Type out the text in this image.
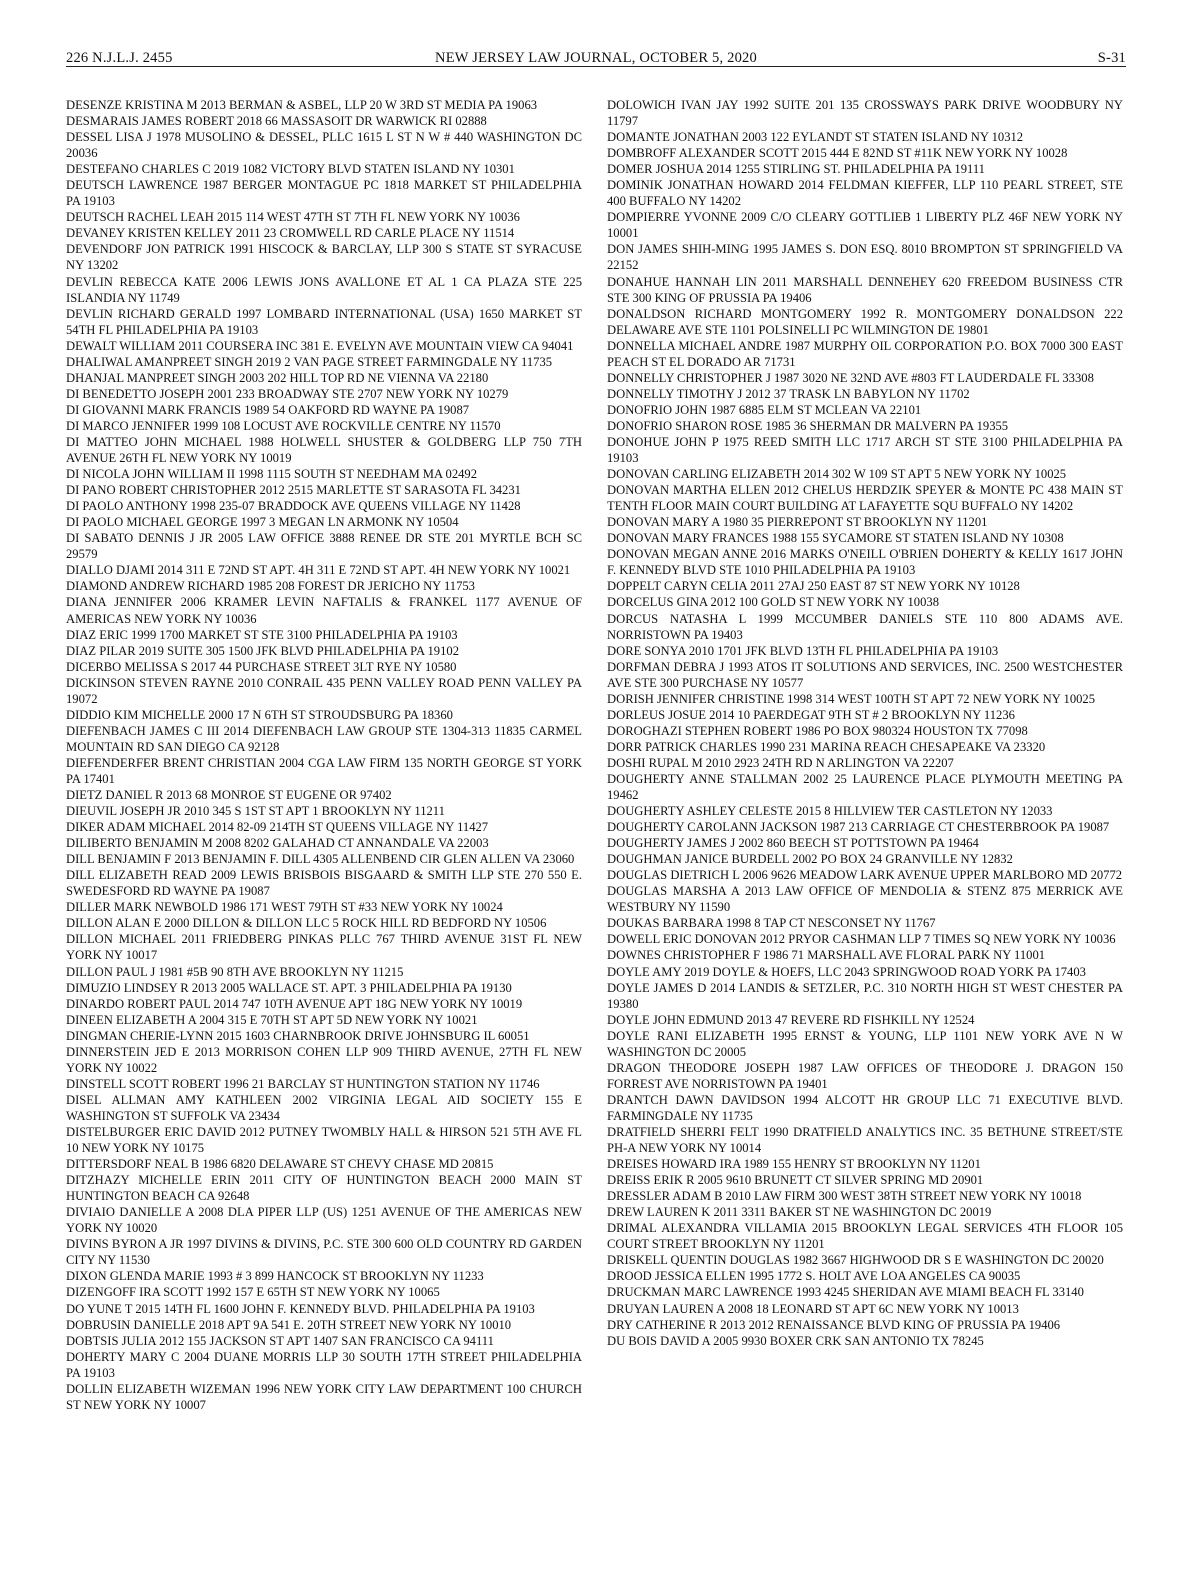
226 N.J.L.J. 2455	NEW JERSEY LAW JOURNAL, OCTOBER 5, 2020	S-31

DESENZE KRISTINA M 2013 BERMAN & ASBEL, LLP 20 W 3RD ST MEDIA PA 19063

DESMARAIS JAMES ROBERT 2018 66 MASSASOIT DR WARWICK RI 02888

DESSEL LISA J 1978 MUSOLINO & DESSEL, PLLC 1615 L ST N W # 440 WASHINGTON DC 20036

DESTEFANO CHARLES C 2019 1082 VICTORY BLVD STATEN ISLAND NY 10301

DEUTSCH LAWRENCE 1987 BERGER MONTAGUE PC 1818 MARKET ST PHILADELPHIA PA 19103

DEUTSCH RACHEL LEAH 2015 114 WEST 47TH ST 7TH FL NEW YORK NY 10036

DEVANEY KRISTEN KELLEY 2011 23 CROMWELL RD CARLE PLACE NY 11514

DEVENDORF JON PATRICK 1991 HISCOCK & BARCLAY, LLP 300 S STATE ST SYRACUSE NY 13202

DEVLIN REBECCA KATE 2006 LEWIS JONS AVALLONE ET AL 1 CA PLAZA STE 225 ISLANDIA NY 11749

DEVLIN RICHARD GERALD 1997 LOMBARD INTERNATIONAL (USA) 1650 MARKET ST 54TH FL PHILADELPHIA PA 19103

DEWALT WILLIAM 2011 COURSERA INC 381 E. EVELYN AVE MOUNTAIN VIEW CA 94041

DHALIWAL AMANPREET SINGH 2019 2 VAN PAGE STREET FARMINGDALE NY 11735

DHANJAL MANPREET SINGH 2003 202 HILL TOP RD NE VIENNA VA 22180

DI BENEDETTO JOSEPH 2001 233 BROADWAY STE 2707 NEW YORK NY 10279

DI GIOVANNI MARK FRANCIS 1989 54 OAKFORD RD WAYNE PA 19087

DI MARCO JENNIFER 1999 108 LOCUST AVE ROCKVILLE CENTRE NY 11570

DI MATTEO JOHN MICHAEL 1988 HOLWELL SHUSTER & GOLDBERG LLP 750 7TH AVENUE 26TH FL NEW YORK NY 10019

DI NICOLA JOHN WILLIAM II 1998 1115 SOUTH ST NEEDHAM MA 02492

DI PANO ROBERT CHRISTOPHER 2012 2515 MARLETTE ST SARASOTA FL 34231

DI PAOLO ANTHONY 1998 235-07 BRADDOCK AVE QUEENS VILLAGE NY 11428

DI PAOLO MICHAEL GEORGE 1997 3 MEGAN LN ARMONK NY 10504

DI SABATO DENNIS J JR 2005 LAW OFFICE 3888 RENEE DR STE 201 MYRTLE BCH SC 29579

DIALLO DJAMI 2014 311 E 72ND ST APT. 4H 311 E 72ND ST APT. 4H NEW YORK NY 10021

DIAMOND ANDREW RICHARD 1985 208 FOREST DR JERICHO NY 11753

DIANA JENNIFER 2006 KRAMER LEVIN NAFTALIS & FRANKEL 1177 AVENUE OF AMERICAS NEW YORK NY 10036

DIAZ ERIC 1999 1700 MARKET ST STE 3100 PHILADELPHIA PA 19103

DIAZ PILAR 2019 SUITE 305 1500 JFK BLVD PHILADELPHIA PA 19102

DICERBO MELISSA S 2017 44 PURCHASE STREET 3LT RYE NY 10580

DICKINSON STEVEN RAYNE 2010 CONRAIL 435 PENN VALLEY ROAD PENN VALLEY PA 19072

DIDDIO KIM MICHELLE 2000 17 N 6TH ST STROUDSBURG PA 18360

DIEFENBACH JAMES C III 2014 DIEFENBACH LAW GROUP STE 1304-313 11835 CARMEL MOUNTAIN RD SAN DIEGO CA 92128

DIEFENDERFER BRENT CHRISTIAN 2004 CGA LAW FIRM 135 NORTH GEORGE ST YORK PA 17401

DIETZ DANIEL R 2013 68 MONROE ST EUGENE OR 97402

DIEUVIL JOSEPH JR 2010 345 S 1ST ST APT 1 BROOKLYN NY 11211

DIKER ADAM MICHAEL 2014 82-09 214TH ST QUEENS VILLAGE NY 11427

DILIBERTO BENJAMIN M 2008 8202 GALAHAD CT ANNANDALE VA 22003

DILL BENJAMIN F 2013 BENJAMIN F. DILL 4305 ALLENBEND CIR GLEN ALLEN VA 23060

DILL ELIZABETH READ 2009 LEWIS BRISBOIS BISGAARD & SMITH LLP STE 270 550 E. SWEDESFORD RD WAYNE PA 19087

DILLER MARK NEWBOLD 1986 171 WEST 79TH ST #33 NEW YORK NY 10024

DILLON ALAN E 2000 DILLON & DILLON LLC 5 ROCK HILL RD BEDFORD NY 10506

DILLON MICHAEL 2011 FRIEDBERG PINKAS PLLC 767 THIRD AVENUE 31ST FL NEW YORK NY 10017

DILLON PAUL J 1981 #5B 90 8TH AVE BROOKLYN NY 11215

DIMUZIO LINDSEY R 2013 2005 WALLACE ST. APT. 3 PHILADELPHIA PA 19130

DINARDO ROBERT PAUL 2014 747 10TH AVENUE APT 18G NEW YORK NY 10019

DINEEN ELIZABETH A 2004 315 E 70TH ST APT 5D NEW YORK NY 10021

DINGMAN CHERIE-LYNN 2015 1603 CHARNBROOK DRIVE JOHNSBURG IL 60051

DINNERSTEIN JED E 2013 MORRISON COHEN LLP 909 THIRD AVENUE, 27TH FL NEW YORK NY 10022

DINSTELL SCOTT ROBERT 1996 21 BARCLAY ST HUNTINGTON STATION NY 11746

DISEL ALLMAN AMY KATHLEEN 2002 VIRGINIA LEGAL AID SOCIETY 155 E WASHINGTON ST SUFFOLK VA 23434

DISTELBURGER ERIC DAVID 2012 PUTNEY TWOMBLY HALL & HIRSON 521 5TH AVE FL 10 NEW YORK NY 10175

DITTERSDORF NEAL B 1986 6820 DELAWARE ST CHEVY CHASE MD 20815

DITZHAZY MICHELLE ERIN 2011 CITY OF HUNTINGTON BEACH 2000 MAIN ST HUNTINGTON BEACH CA 92648

DIVIAIO DANIELLE A 2008 DLA PIPER LLP (US) 1251 AVENUE OF THE AMERICAS NEW YORK NY 10020

DIVINS BYRON A JR 1997 DIVINS & DIVINS, P.C. STE 300 600 OLD COUNTRY RD GARDEN CITY NY 11530

DIXON GLENDA MARIE 1993 # 3 899 HANCOCK ST BROOKLYN NY 11233

DIZENGOFF IRA SCOTT 1992 157 E 65TH ST NEW YORK NY 10065

DO YUNE T 2015 14TH FL 1600 JOHN F. KENNEDY BLVD. PHILADELPHIA PA 19103

DOBRUSIN DANIELLE 2018 APT 9A 541 E. 20TH STREET NEW YORK NY 10010

DOBTSIS JULIA 2012 155 JACKSON ST APT 1407 SAN FRANCISCO CA 94111

DOHERTY MARY C 2004 DUANE MORRIS LLP 30 SOUTH 17TH STREET PHILADELPHIA PA 19103

DOLLIN ELIZABETH WIZEMAN 1996 NEW YORK CITY LAW DEPARTMENT 100 CHURCH ST NEW YORK NY 10007

DOLOWICH IVAN JAY 1992 SUITE 201 135 CROSSWAYS PARK DRIVE WOODBURY NY 11797

DOMANTE JONATHAN 2003 122 EYLANDT ST STATEN ISLAND NY 10312

DOMBROFF ALEXANDER SCOTT 2015 444 E 82ND ST #11K NEW YORK NY 10028

DOMER JOSHUA 2014 1255 STIRLING ST. PHILADELPHIA PA 19111

DOMINIK JONATHAN HOWARD 2014 FELDMAN KIEFFER, LLP 110 PEARL STREET, STE 400 BUFFALO NY 14202

DOMPIERRE YVONNE 2009 C/O CLEARY GOTTLIEB 1 LIBERTY PLZ 46F NEW YORK NY 10001

DON JAMES SHIH-MING 1995 JAMES S. DON ESQ. 8010 BROMPTON ST SPRINGFIELD VA 22152

DONAHUE HANNAH LIN 2011 MARSHALL DENNEHEY 620 FREEDOM BUSINESS CTR STE 300 KING OF PRUSSIA PA 19406

DONALDSON RICHARD MONTGOMERY 1992 R. MONTGOMERY DONALDSON 222 DELAWARE AVE STE 1101 POLSINELLI PC WILMINGTON DE 19801

DONNELLA MICHAEL ANDRE 1987 MURPHY OIL CORPORATION P.O. BOX 7000 300 EAST PEACH ST EL DORADO AR 71731

DONNELLY CHRISTOPHER J 1987 3020 NE 32ND AVE #803 FT LAUDERDALE FL 33308

DONNELLY TIMOTHY J 2012 37 TRASK LN BABYLON NY 11702

DONOFRIO JOHN 1987 6885 ELM ST MCLEAN VA 22101

DONOFRIO SHARON ROSE 1985 36 SHERMAN DR MALVERN PA 19355

DONOHUE JOHN P 1975 REED SMITH LLC 1717 ARCH ST STE 3100 PHILADELPHIA PA 19103

DONOVAN CARLING ELIZABETH 2014 302 W 109 ST APT 5 NEW YORK NY 10025

DONOVAN MARTHA ELLEN 2012 CHELUS HERDZIK SPEYER & MONTE PC 438 MAIN ST TENTH FLOOR MAIN COURT BUILDING AT LAFAYETTE SQU BUFFALO NY 14202

DONOVAN MARY A 1980 35 PIERREPONT ST BROOKLYN NY 11201

DONOVAN MARY FRANCES 1988 155 SYCAMORE ST STATEN ISLAND NY 10308

DONOVAN MEGAN ANNE 2016 MARKS O'NEILL O'BRIEN DOHERTY & KELLY 1617 JOHN F. KENNEDY BLVD STE 1010 PHILADELPHIA PA 19103

DOPPELT CARYN CELIA 2011 27AJ 250 EAST 87 ST NEW YORK NY 10128

DORCELUS GINA 2012 100 GOLD ST NEW YORK NY 10038

DORCUS NATASHA L 1999 MCCUMBER DANIELS STE 110 800 ADAMS AVE. NORRISTOWN PA 19403

DORE SONYA 2010 1701 JFK BLVD 13TH FL PHILADELPHIA PA 19103

DORFMAN DEBRA J 1993 ATOS IT SOLUTIONS AND SERVICES, INC. 2500 WESTCHESTER AVE STE 300 PURCHASE NY 10577

DORISH JENNIFER CHRISTINE 1998 314 WEST 100TH ST APT 72 NEW YORK NY 10025

DORLEUS JOSUE 2014 10 PAERDEGAT 9TH ST # 2 BROOKLYN NY 11236

DOROGHAZI STEPHEN ROBERT 1986 PO BOX 980324 HOUSTON TX 77098

DORR PATRICK CHARLES 1990 231 MARINA REACH CHESAPEAKE VA 23320

DOSHI RUPAL M 2010 2923 24TH RD N ARLINGTON VA 22207

DOUGHERTY ANNE STALLMAN 2002 25 LAURENCE PLACE PLYMOUTH MEETING PA 19462

DOUGHERTY ASHLEY CELESTE 2015 8 HILLVIEW TER CASTLETON NY 12033

DOUGHERTY CAROLANN JACKSON 1987 213 CARRIAGE CT CHESTERBROOK PA 19087

DOUGHERTY JAMES J 2002 860 BEECH ST POTTSTOWN PA 19464

DOUGHMAN JANICE BURDELL 2002 PO BOX 24 GRANVILLE NY 12832

DOUGLAS DIETRICH L 2006 9626 MEADOW LARK AVENUE UPPER MARLBORO MD 20772

DOUGLAS MARSHA A 2013 LAW OFFICE OF MENDOLIA & STENZ 875 MERRICK AVE WESTBURY NY 11590

DOUKAS BARBARA 1998 8 TAP CT NESCONSET NY 11767

DOWELL ERIC DONOVAN 2012 PRYOR CASHMAN LLP 7 TIMES SQ NEW YORK NY 10036

DOWNES CHRISTOPHER F 1986 71 MARSHALL AVE FLORAL PARK NY 11001

DOYLE AMY 2019 DOYLE & HOEFS, LLC 2043 SPRINGWOOD ROAD YORK PA 17403

DOYLE JAMES D 2014 LANDIS & SETZLER, P.C. 310 NORTH HIGH ST WEST CHESTER PA 19380

DOYLE JOHN EDMUND 2013 47 REVERE RD FISHKILL NY 12524

DOYLE RANI ELIZABETH 1995 ERNST & YOUNG, LLP 1101 NEW YORK AVE N W WASHINGTON DC 20005

DRAGON THEODORE JOSEPH 1987 LAW OFFICES OF THEODORE J. DRAGON 150 FORREST AVE NORRISTOWN PA 19401

DRANTCH DAWN DAVIDSON 1994 ALCOTT HR GROUP LLC 71 EXECUTIVE BLVD. FARMINGDALE NY 11735

DRATFIELD SHERRI FELT 1990 DRATFIELD ANALYTICS INC. 35 BETHUNE STREET/STE PH-A NEW YORK NY 10014

DREISES HOWARD IRA 1989 155 HENRY ST BROOKLYN NY 11201

DREISS ERIK R 2005 9610 BRUNETT CT SILVER SPRING MD 20901

DRESSLER ADAM B 2010 LAW FIRM 300 WEST 38TH STREET NEW YORK NY 10018

DREW LAUREN K 2011 3311 BAKER ST NE WASHINGTON DC 20019

DRIMAL ALEXANDRA VILLAMIA 2015 BROOKLYN LEGAL SERVICES 4TH FLOOR 105 COURT STREET BROOKLYN NY 11201

DRISKELL QUENTIN DOUGLAS 1982 3667 HIGHWOOD DR S E WASHINGTON DC 20020

DROOD JESSICA ELLEN 1995 1772 S. HOLT AVE LOA ANGELES CA 90035

DRUCKMAN MARC LAWRENCE 1993 4245 SHERIDAN AVE MIAMI BEACH FL 33140

DRUYAN LAUREN A 2008 18 LEONARD ST APT 6C NEW YORK NY 10013

DRY CATHERINE R 2013 2012 RENAISSANCE BLVD KING OF PRUSSIA PA 19406

DU BOIS DAVID A 2005 9930 BOXER CRK SAN ANTONIO TX 78245
